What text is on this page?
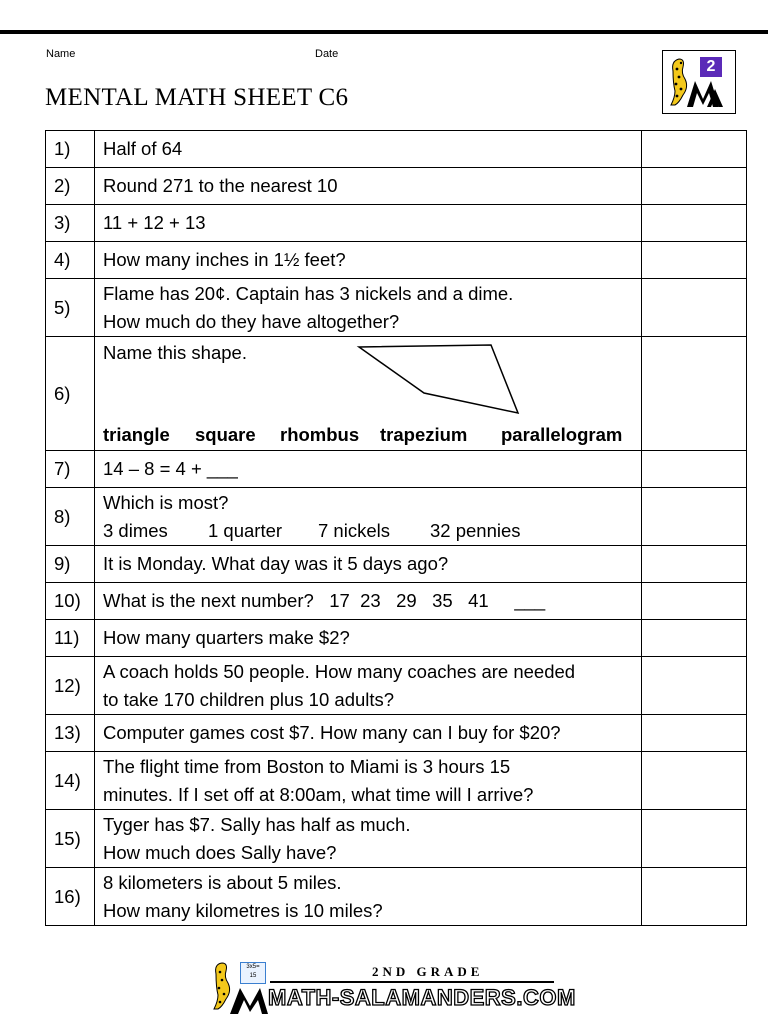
Name	Date
MENTAL MATH SHEET C6
2
1)	Half of 64	
2)	Round 271 to the nearest 10	
3)	11 + 12 + 13	
4)	How many inches in 1½ feet?	
5)	Flame has 20¢. Captain has 3 nickels and a dime.
How much do they have altogether?	

6)	Name this shape.
triangle square rhombus trapezium parallelogram	

7)	14 – 8 = 4 + ___	
8)	Which is most?
3 dimes 1 quarter 7 nickels 32 pennies	

9)	It is Monday. What day was it 5 days ago?	
10)	What is the next number?   17  23   29   35   41     ___	
11)	How many quarters make $2?	
12)	A coach holds 50 people. How many coaches are needed
to take 170 children plus 10 adults?	

13)	Computer games cost $7. How many can I buy for $20?	
14)	The flight time from Boston to Miami is 3 hours 15
minutes. If I set off at 8:00am, what time will I arrive?	

15)	Tyger has $7. Sally has half as much.
How much does Sally have?	

16)	8 kilometers is about 5 miles.
How many kilometres is 10 miles?	

3x5=
15	2ND GRADE
MATH-SALAMANDERS.COM
